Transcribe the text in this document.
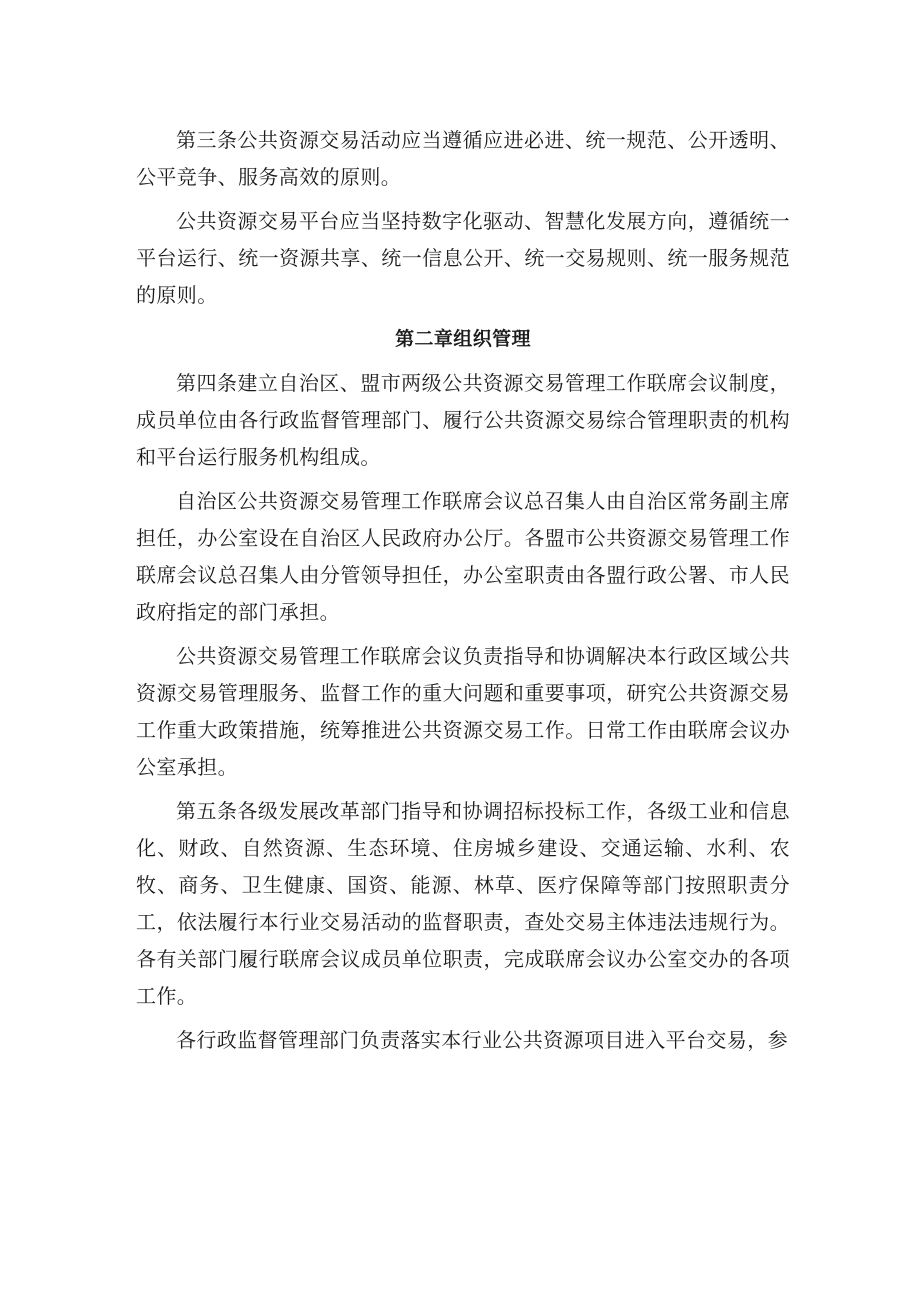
第三条公共资源交易活动应当遵循应进必进、统一规范、公开透明、公平竞争、服务高效的原则。

公共资源交易平台应当坚持数字化驱动、智慧化发展方向，遵循统一平台运行、统一资源共享、统一信息公开、统一交易规则、统一服务规范的原则。

第二章组织管理

第四条建立自治区、盟市两级公共资源交易管理工作联席会议制度，成员单位由各行政监督管理部门、履行公共资源交易综合管理职责的机构和平台运行服务机构组成。

自治区公共资源交易管理工作联席会议总召集人由自治区常务副主席担任，办公室设在自治区人民政府办公厅。各盟市公共资源交易管理工作联席会议总召集人由分管领导担任，办公室职责由各盟行政公署、市人民政府指定的部门承担。

公共资源交易管理工作联席会议负责指导和协调解决本行政区域公共资源交易管理服务、监督工作的重大问题和重要事项，研究公共资源交易工作重大政策措施，统筹推进公共资源交易工作。日常工作由联席会议办公室承担。

第五条各级发展改革部门指导和协调招标投标工作，各级工业和信息化、财政、自然资源、生态环境、住房城乡建设、交通运输、水利、农牧、商务、卫生健康、国资、能源、林草、医疗保障等部门按照职责分工，依法履行本行业交易活动的监督职责，查处交易主体违法违规行为。各有关部门履行联席会议成员单位职责，完成联席会议办公室交办的各项工作。

各行政监督管理部门负责落实本行业公共资源项目进入平台交易，参
